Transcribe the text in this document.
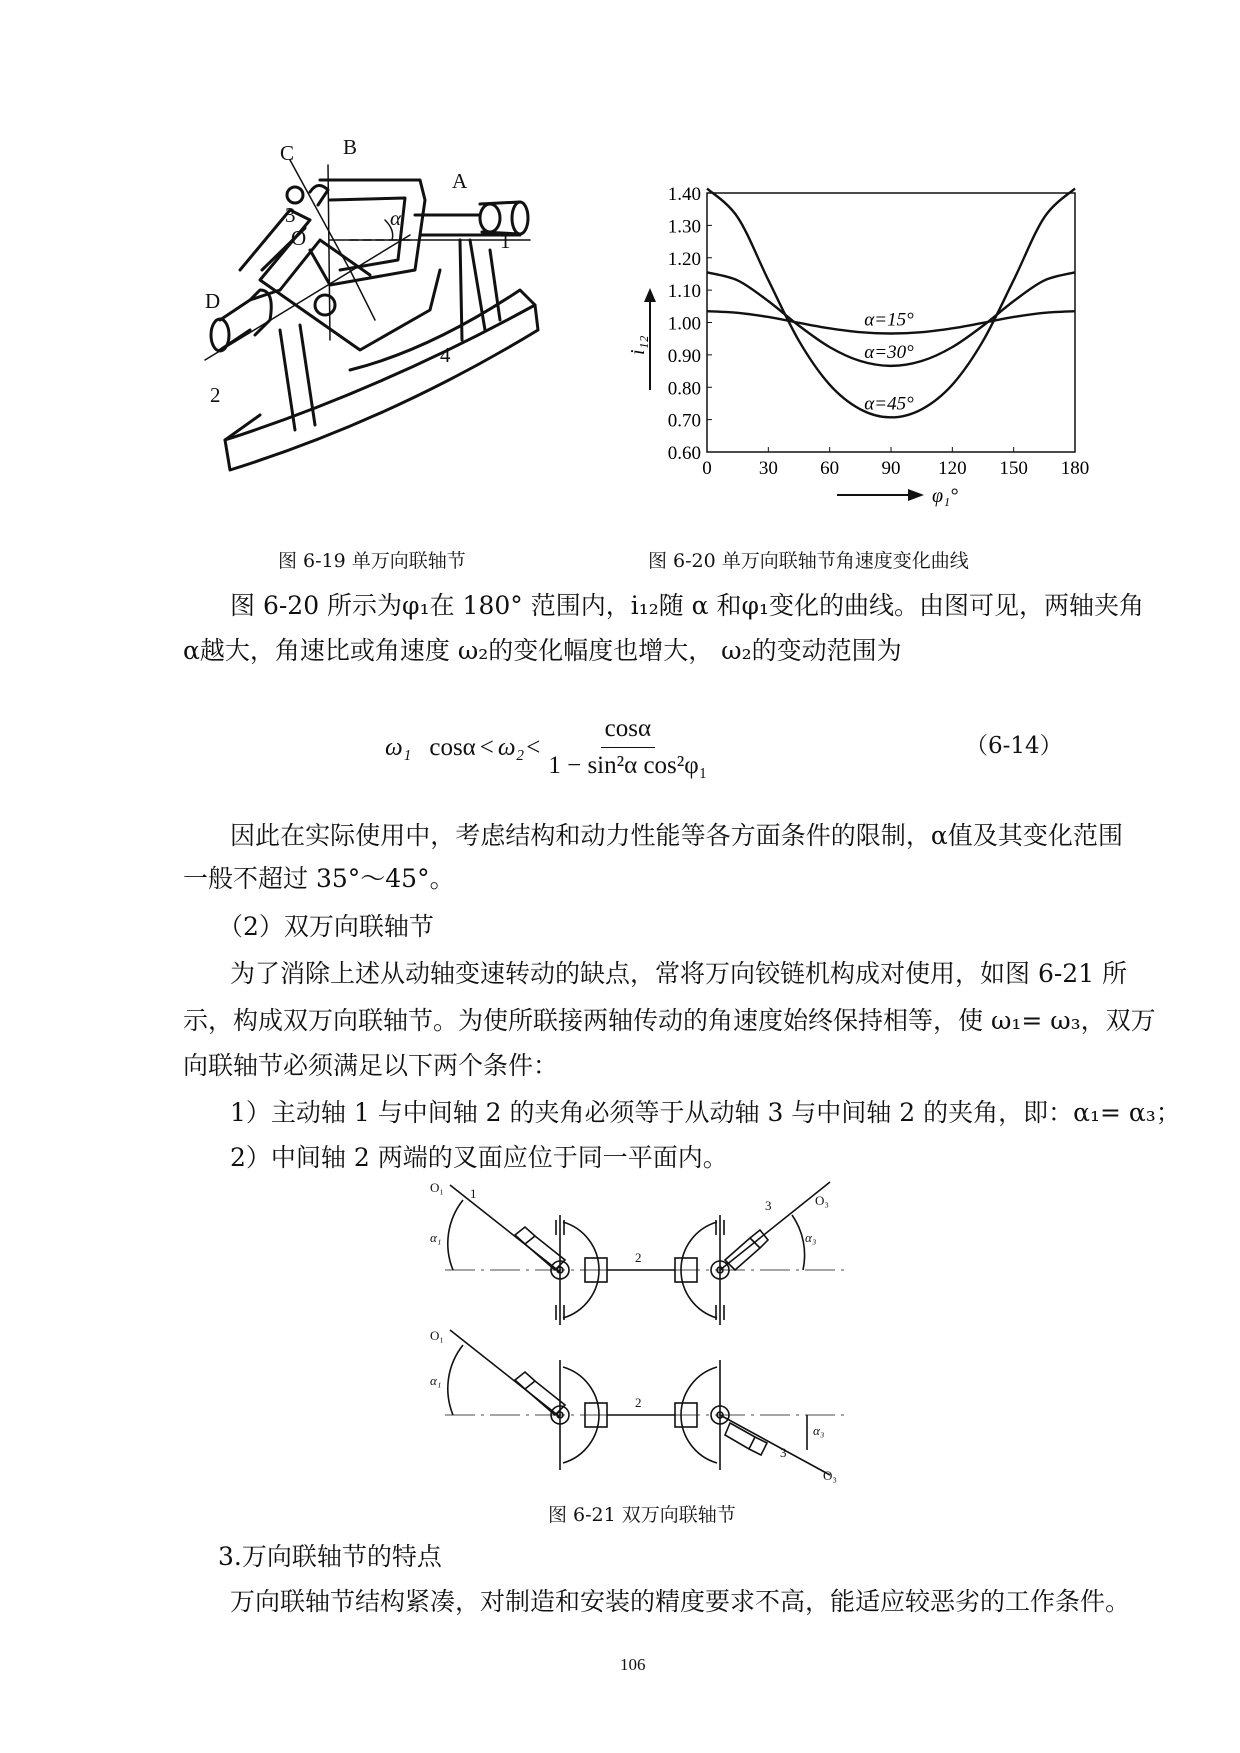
C B
A
1
3
O
α
D
4
2
0.60
0.70
0.80
0.90
1.00
1.10
1.20
1.30
1.40
0 30 60 90 120 150 180
α=15°
α=30°
α=45°
i₁₂
φ₁°
图 6-19 单万向联轴节	图 6-20 单万向联轴节角速度变化曲线
图 6-20 所示为φ₁在 180° 范围内，i₁₂随 α 和φ₁变化的曲线。由图可见，两轴夹角
α越大，角速比或角速度 ω₂的变化幅度也增大， ω₂的变动范围为
ω₁ $\cos\alpha < \omega_2 < \frac{\cos\alpha}{\text{1 − sin²α cos²φ₁}}$	（6-14）
因此在实际使用中，考虑结构和动力性能等各方面条件的限制，α值及其变化范围
一般不超过 35°～45°。
（2）双万向联轴节
为了消除上述从动轴变速转动的缺点，常将万向铰链机构成对使用，如图 6-21 所
示，构成双万向联轴节。为使所联接两轴传动的角速度始终保持相等，使 ω₁= ω₃，双万
向联轴节必须满足以下两个条件：
1）主动轴 1 与中间轴 2 的夹角必须等于从动轴 3 与中间轴 2 的夹角，即：α₁= α₃；
2）中间轴 2 两端的叉面应位于同一平面内。
O₁ 1
α₁
2
3	O₃
α₃
O₁
α₁
2
3
α₃
O₃
图 6-21 双万向联轴节
3.万向联轴节的特点
万向联轴节结构紧凑，对制造和安装的精度要求不高，能适应较恶劣的工作条件。
106
